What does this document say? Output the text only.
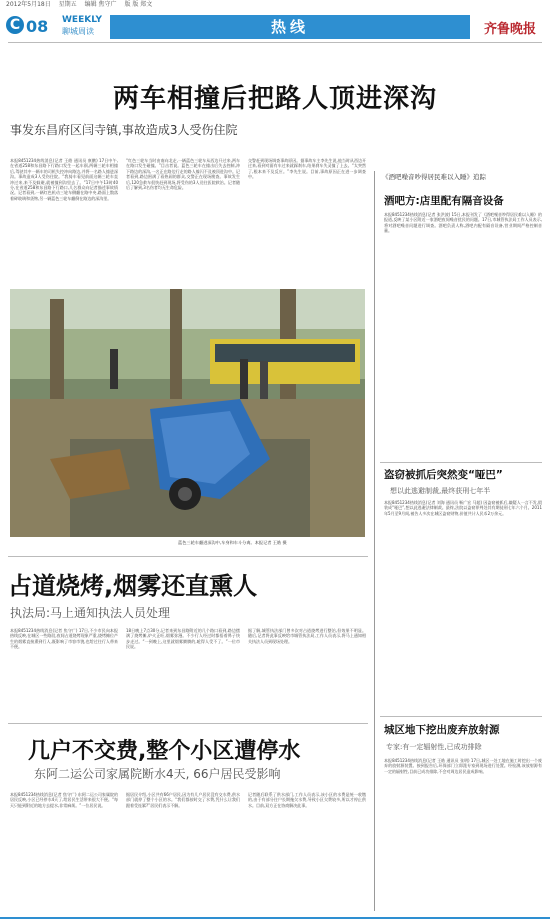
2012年5月18日 星期五 编辑 焦守广 版 版 郑文
C 08 WEEKLY
聊城周读	热线	齐鲁晚报
两车相撞后把路人顶进深沟
事发东昌府区闫寺镇,事故造成3人受伤住院
本报8451234热线消息(记者 王皓 通讯员 康鹏) 17日中午,在省道258和东昌路下行路口发生一起车祸,两辆三轮车相撞后,驾驶其中一辆车的司机失控冲向路边,并将一名路人撞进深沟。事故造成3人受伤住院。“我骑车看见前面这辆三轮车直冲过来,来不及躲避,就被撞到沟里去了。”17日中午13时40分,在省道258和东昌路下行路口,几名群众向记者描述事故情况。记者看到,一辆红色机动三轮车侧翻在路中央,路面上散落着碎玻璃和货物,另一辆蓝色三轮车翻倒在路边的深沟里。
“红色三轮车当时由南向北走,一辆蓝色三轮车从西边开过来,两车在路口发生碰撞。”目击者说。蓝色三轮车在撞击后失去控制,冲下路边的深沟,一名正在路边行走的路人躲闪不及被顶进沟中。记者看到,路边围满了看热闹的群众,交警正在现场勘查。事故发生后,120急救车很快赶到现场,将受伤的3人送往医院救治。记者随后了解到,3名伤者均无生命危险。
交警赶到现场调查事故原因。据事故车主李先生说,他当时从西边开过来,看到对面有车过来就踩刹车,结果刹车失灵撞了上去。“太突然了,根本来不及反应。”李先生说。目前,事故原因正在进一步调查中。
蓝色三轮车翻进深沟中,车身和车斗分离。本报记者 王皓 摄
占道烧烤,烟雾还直熏人
执法局:马上通知执法人员处理
本报8451234热线消息(记者 焦守广) 17日,不少市民向本报热线反映,在城区一些路段,夜间占道烧烤现象严重,烧烤摊位产生的烟雾直接熏到行人,既影响了市容市貌,也给过往行人带来不便。
18日晚上7点30分,记者来到东昌路附近的几个路口看到,路边摆满了烧烤摊,炉火正旺,烟雾弥漫。不少行人经过时都捂着鼻子快步走过。“一到晚上,这里就烟雾腾腾的,呛得人受不了。”一位市民说。
据了解,城管执法部门曾多次对占道烧烤进行整治,但效果不明显。随后,记者将此事反映给市城管执法局,工作人员表示,将马上通知相关执法人员到现场处理。
几户不交费,整个小区遭停水
东阿二运公司家属院断水4天, 66户居民受影响
本报8451234热线消息(记者 焦守广) 东阿二运公司家属院的居民反映,小区已经停水4天了,给居民生活带来很大不便。“每天只能到附近的地方去提水,非常麻烦。”一位居民说。
据居民介绍,小区共有66户居民,因为有几户居民没有交水费,供水部门就停了整个小区的水。“我们都按时交了水费,凭什么让我们跟着受连累?”居民们表示不解。
记者随后联系了供水部门,工作人员表示,该小区的水费是统一收缴的,由于有部分住户长期拖欠水费,导致小区欠费较多,所以才停止供水。目前,双方正在协商解决此事。
《酒吧噪音吵得居民难以入睡》追踪
酒吧方:店里配有隔音设备
本报8451234热线消息(记者 张洪波) 15日,本报刊发了《酒吧噪音吵得居民难以入睡》的报道,反映了某小区附近一家酒吧夜间噪音扰民的问题。17日,市城管执法局工作人员表示,将对酒吧噪音问题进行调查。酒吧负责人称,酒吧内配有隔音设备,营业期间严格控制音量。
盗窃被抓后突然变“哑巴”
想以此逃避制裁,最终获刑七年半
本报8451234热线消息(记者 刘海 通讯员 靳广宏 马超) 因盗窃被抓后,嫌疑人一言不发,假装成“哑巴”,想以此逃避法律制裁。最终,法院以盗窃罪判处其有期徒刑七年六个月。2011年5月至9月间,被告人多次在城区盗窃财物,价值共计人民币2万余元。
城区地下挖出废弃放射源
专家:有一定辐射性,已成功排除
本报8451234热线消息(记者 王皓 通讯员 张明) 17日,城区一处工地在施工时挖出一个废弃的放射源装置。接到报告后,环保部门立即派专家到现场进行处置。经检测,该放射源有一定的辐射性,目前已成功排除,不会对周边居民造成影响。
